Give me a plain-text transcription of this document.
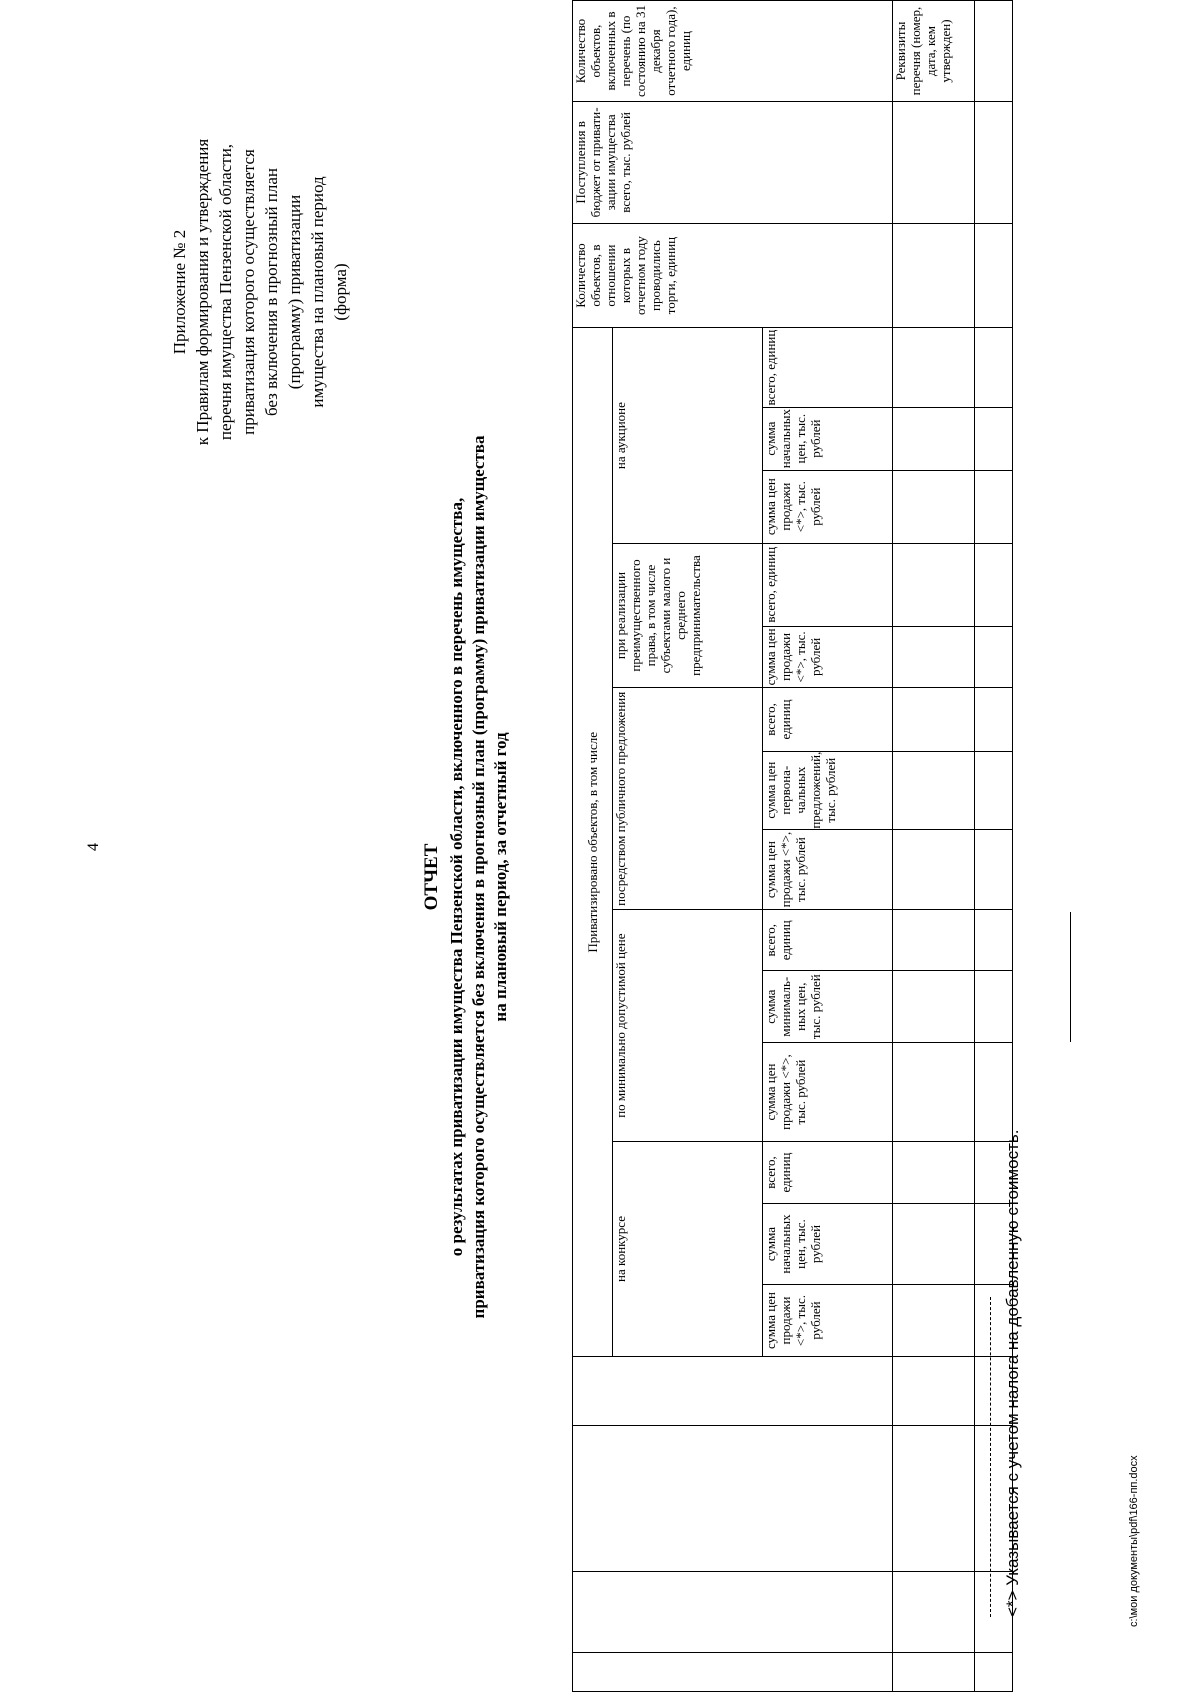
4
Приложение № 2 к Правилам формирования и утверждения перечня имущества Пензенской области, приватизация которого осуществляется без включения в прогнозный план (программу) приватизации имущества на плановый период (форма)
ОТЧЕТ о результатах приватизации имущества Пензенской области, включенного в перечень имущества, приватизация которого осуществляется без включения в прогнозный план (программу) приватизации имущества на плановый период, за отчетный год
					Приватизировано объектов, в том числе														Количество объектов, в отношении которых в отчетном году проводились торги, единиц	Поступления в бюджет от привати-зации имущества всего, тыс. рублей	Количество объектов, включенных в перечень (по состоянию на 31 декабря отчетного года), единиц
				на конкурсе			по минимально допустимой цене			посредством публичного предложения			при реализации преимущественного права, в том числе субъектами малого и среднего предпринимательства		на аукционе					
				сумма цен продажи <*>, тыс. рублей	сумма начальных цен, тыс. рублей	всего, единиц	сумма цен продажи <*>, тыс. рублей	сумма минималь-ных цен, тыс. рублей	всего, единиц	сумма цен продажи <*>, тыс. рублей	сумма цен первона-чальных предложений, тыс. рублей	всего, единиц	сумма цен продажи <*>, тыс. рублей	всего, единиц	сумма цен продажи <*>, тыс. рублей	сумма начальных цен, тыс. рублей	всего, единиц			
																				Реквизиты перечня (номер, дата, кем утвержден)

<*> Указывается с учетом налога на добавленную стоимость.	c:\мои документы\pdf\166-пп.docx
